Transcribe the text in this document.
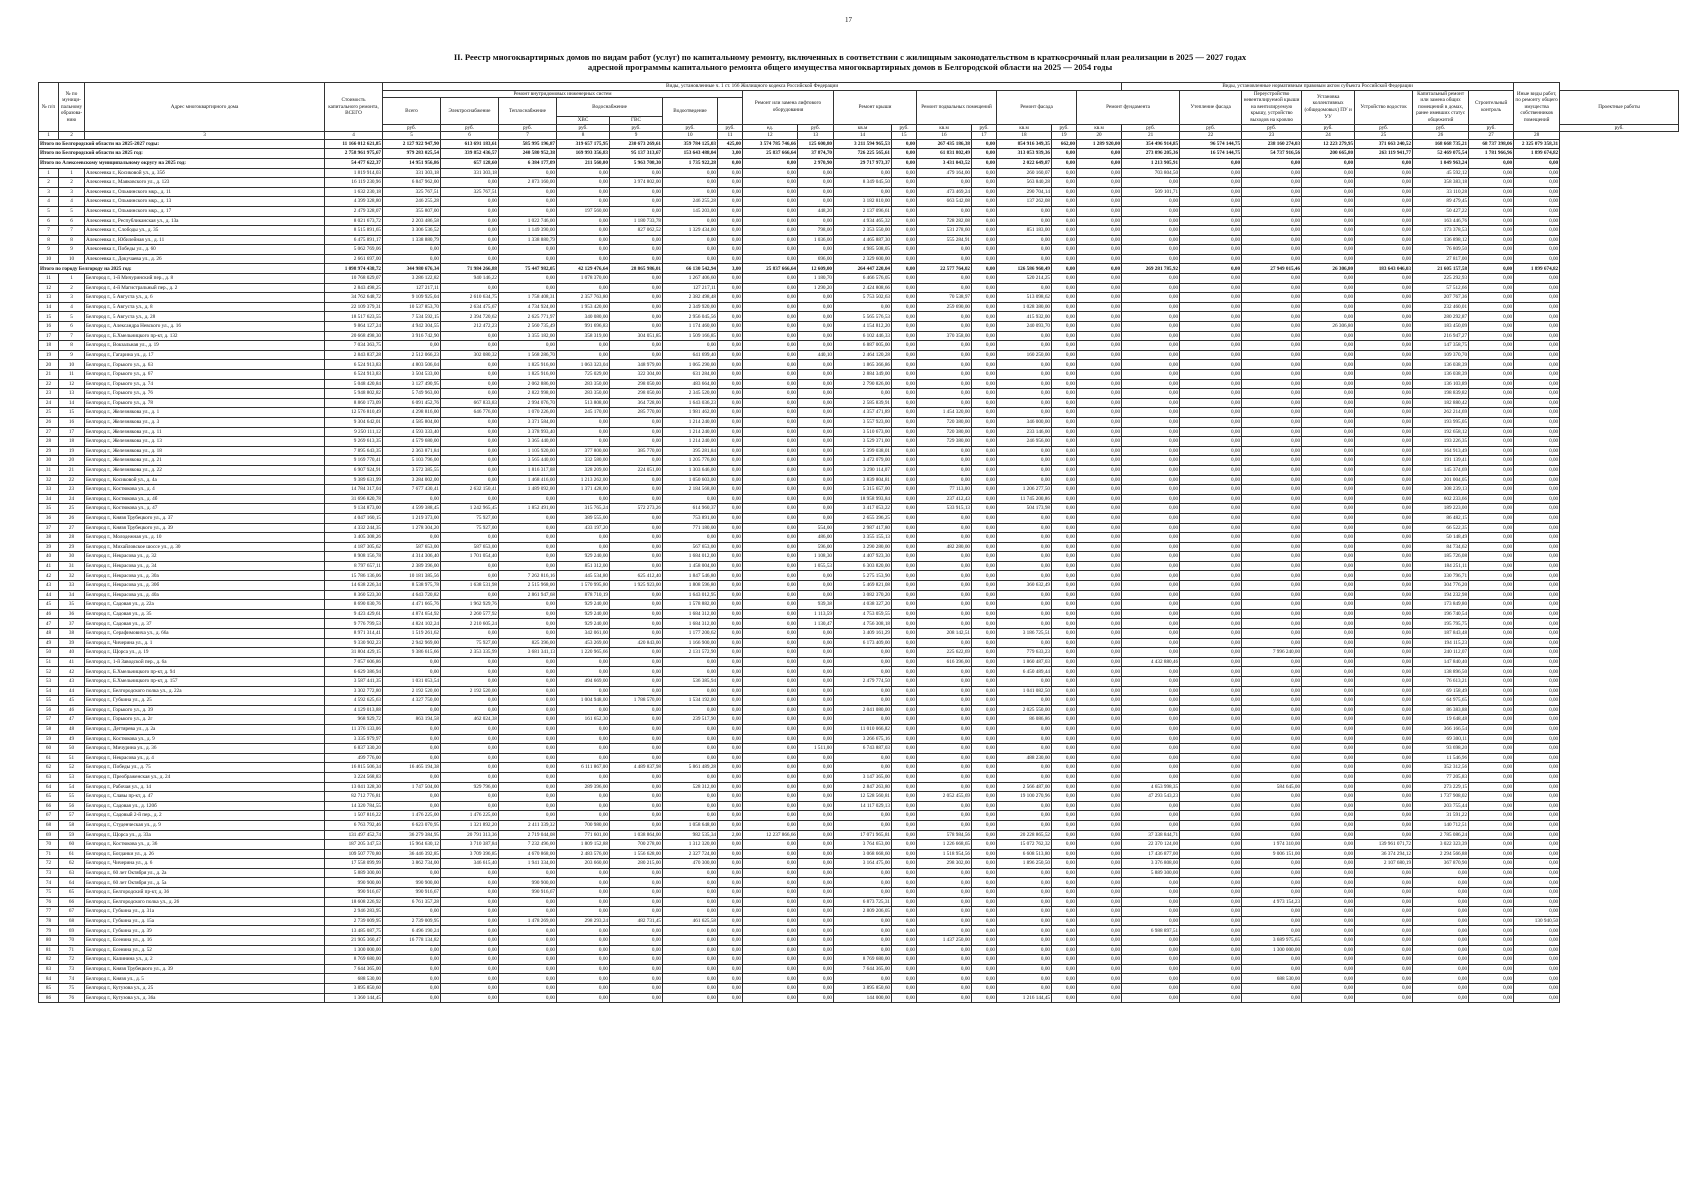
17
II. Реестр многоквартирных домов по видам работ (услуг) по капитальному ремонту, включенных в соответствии с жилищным законодательством в краткосрочный план реализации в 2025 — 2027 годах
адресной программы капитального ремонта общего имущества многоквартирных домов в Белгородской области на 2025 — 2054 годы
№ п/п	№ по муниципальному образованию	Адрес многоквартирного дома	Стоимость капитального ремонта, ВСЕГО	Виды, установленные ч. 1 ст. 166 Жилищного кодекса Российской Федерации																Виды, установленные нормативным правовым актом субъекта Российской Федерации							Иные виды работ, по ремонту общего имущества собственников помещений	
				Ремонт внутридомовых инженерных систем							Ремонт или замена лифтового оборудования		Ремонт крыши		Ремонт подвальных помещений		Ремонт фасада		Ремонт фундамента		Утепление фасада	Переустройство невентилируемой крыши на вентилируемую крышу, устройство выходов на кровлю	Установка коллективных (общедомовых) ПУ и УУ	Устройство водосток	Капитальный ремонт или замена общих помещений в домах, ранее имевших статус общежитий	Строительный контроль		Проектные работы
				Всего	Электроснабжение	Теплоснабжение	Водоснабжение		Водоотведение																			
							ХВС	ГВС																				
				руб.	руб.	руб.	руб.	руб.	руб.	руб.	ед.	руб.	кв.м	руб.	кв.м	руб.	кв.м	руб.	кв.м	руб.	руб.	руб.	руб.	руб.	руб.	руб.		руб.
1	2	3	4	5	6	7	8	9	10	11	12	13	14	15	16	17	18	19	20	21	22	23	24	25	26	27	28	
Итого по Белгородской области на 2025-2027 годы:			11 166 012 621,85	2 127 922 947,90	613 691 183,61	585 995 196,87	319 657 175,95	230 673 269,61	359 784 125,03	425,00	3 574 785 746,66	125 600,80	3 211 594 965,53	0,00	267 435 186,38	0,00	854 916 349,35	662,00	1 289 920,00	354 496 914,85	96 574 144,75	238 160 274,03	12 223 279,95	371 663 240,52	168 668 735,21	68 737 398,06	2 325 079 358,31	
Итого по Белгородской области на 2025 год:			2 758 961 975,67	979 283 025,54	339 852 436,57	240 580 952,38	169 993 356,83	95 137 313,67	153 643 488,04	3,00	25 837 666,64	37 874,70	726 225 565,61	0,00	61 831 802,49	0,00	313 053 939,36	0,00	0,00	273 096 205,36	16 574 144,75	54 737 916,56	200 665,80	263 119 941,77	52 469 075,54	1 781 966,96	1 899 674,82	
Итого по Алексеевскому муниципальному округу на 2025 год:			54 477 622,37	14 951 956,86	657 128,60	6 384 177,09	211 560,00	5 963 708,30	1 735 922,28	0,00	0,00	2 970,90	29 717 973,37	0,00	3 431 043,52	0,00	2 022 649,87	0,00	0,00	1 213 905,91	0,00	0,00	0,00	0,00	1 049 963,24	0,00	0,00	
1	1	Алексеевка г., Косиковой ул., д. 35б	1 819 914,03	331 303,18	331 303,18	0,00	0,00	0,00	0,00	0,00	0,00	0,00	0,00	0,00	479 164,00	0,00	260 160,07	0,00	0,00	703 804,50	0,00	0,00	0,00	0,00	45 592,12	0,00	0,00	
2	2	Алексеевка г., Маяковского ул., д. 123	16 119 230,96	6 847 962,00	0,00	2 873 160,00	0,00	3 974 802,00	0,00	0,00	0,00	0,00	8 349 045,50	0,00	0,00	0,00	563 840,28	0,00	0,00	0,00	0,00	0,00	0,00	0,00	358 383,18	0,00	0,00	
3	3	Алексеевка г., Ольминского мкр., д. 11	1 632 230,18	325 767,51	325 767,51	0,00	0,00	0,00	0,00	0,00	0,00	0,00	0,00	0,00	473 469,24	0,00	290 704,14	0,00	0,00	509 101,71	0,00	0,00	0,00	0,00	33 110,28	0,00	0,00	
4	4	Алексеевка г., Ольминского мкр., д. 13	4 399 328,80	246 255,28	0,00	0,00	0,00	0,00	246 255,28	0,00	0,00	0,00	3 182 810,00	0,00	663 542,08	0,00	137 262,08	0,00	0,00	0,00	0,00	0,00	0,00	0,00	89 479,45	0,00	0,00	
5	5	Алексеевка г., Ольминского мкр., д. 17	2 479 328,07	355 807,00	0,00	0,00	197 560,00	0,00	145 203,00	0,00	0,00	448,20	2 137 096,61	0,00	0,00	0,00	0,00	0,00	0,00	0,00	0,00	0,00	0,00	0,00	50 427,22	0,00	0,00	
6	6	Алексеевка г., Республиканская ул., д. 13а	8 021 673,72	2 203 486,58	0,00	1 022 746,00	0,00	1 180 733,78	0,00	0,00	0,00	0,00	4 934 465,32	0,00	728 282,08	0,00	0,00	0,00	0,00	0,00	0,00	0,00	0,00	0,00	163 446,76	0,00	0,00	
7	7	Алексеевка г., Слободы ул., д. 35	8 515 891,65	3 306 536,52	0,00	1 149 390,00	0,00	827 062,52	1 329 434,00	0,00	0,00	798,00	2 353 550,00	0,00	531 278,60	0,00	851 183,00	0,00	0,00	0,00	0,00	0,00	0,00	0,00	173 378,53	0,00	0,00	
8	8	Алексеевка г., Юбилейная ул., д. 11	6 475 891,17	1 338 880,79	0,00	1 338 880,79	0,00	0,00	0,00	0,00	0,00	1 036,00	4 465 887,30	0,00	555 284,91	0,00	0,00	0,00	0,00	0,00	0,00	0,00	0,00	0,00	136 898,12	0,00	0,00	
9	9	Алексеевка г., Победы ул., д. 60	5 062 769,06	0,00	0,00	0,00	0,00	0,00	0,00	0,00	0,00	0,00	4 985 508,05	0,00	0,00	0,00	0,00	0,00	0,00	0,00	0,00	0,00	0,00	0,00	76 809,50	0,00	0,00	
10	10	Алексеевка г., Докучаева ул., д. 26	2 661 697,00	0,00	0,00	0,00	0,00	0,00	0,00	0,00	0,00	696,00	2 329 600,00	0,00	0,00	0,00	0,00	0,00	0,00	0,00	0,00	0,00	0,00	0,00	27 817,00	0,00	0,00	
Итого по городу Белгороду на 2025 год:			1 098 974 438,72	344 980 676,34	71 984 266,88	75 447 982,05	42 129 476,64	28 865 986,01	66 130 542,94	3,00	25 837 666,64	12 609,00	264 447 220,04	0,00	22 577 764,02	0,00	126 586 960,49	0,00	0,00	269 281 785,92	0,00	27 949 015,46	26 306,80	183 643 046,03	21 605 157,58	0,00	1 899 674,82	
11	1	Белгород г., 1-й Мичуринский пер., д. 8	10 768 029,07	3 286 122,82	940 146,22	0,00	1 078 370,00	0,00	1 267 406,60	0,00	0,00	1 180,70	6 466 576,05	0,00	0,00	0,00	520 214,25	0,00	0,00	0,00	0,00	0,00	0,00	0,00	225 292,93	0,00	0,00	
12	2	Белгород г., 4-й Магистральный пер., д. 2	2 843 498,25	127 217,11	0,00	0,00	0,00	0,00	127 217,11	0,00	0,00	1 290,20	2 424 808,66	0,00	0,00	0,00	0,00	0,00	0,00	0,00	0,00	0,00	0,00	0,00	57 512,66	0,00	0,00	
13	3	Белгород г., 5 Августа ул., д. 6	34 762 648,72	9 109 925,04	2 610 634,75	1 758 408,31	2 357 763,80	0,00	2 382 498,48	0,00	0,00	0,00	5 753 502,63	0,00	70 538,97	0,00	513 098,62	0,00	0,00	0,00	0,00	0,00	0,00	0,00	207 767,36	0,00	0,00	
14	4	Белгород г., 5 Августа ул., д. 8	22 109 379,31	10 537 853,70	2 634 475,67	4 734 924,00	1 953 420,00	0,00	2 349 920,00	0,00	0,00	0,00	0,00	0,00	259 690,00	0,00	1 028 380,00	0,00	0,00	0,00	0,00	0,00	0,00	0,00	232 460,01	0,00	0,00	
15	5	Белгород г., 5 Августа ул., д. 28	18 517 623,55	7 534 592,15	2 394 720,62	2 625 771,97	340 080,00	0,00	2 956 045,56	0,00	0,00	0,00	5 565 576,53	0,00	0,00	0,00	415 932,00	0,00	0,00	0,00	0,00	0,00	0,00	0,00	280 292,87	0,00	0,00	
16	6	Белгород г., Александра Невского ул., д. 16	9 864 127,24	4 942 304,55	212 472,23	2 560 735,49	991 696,83	0,00	1 174 460,00	0,00	0,00	0,00	4 154 812,20	0,00	0,00	0,00	240 093,70	0,00	0,00	0,00	0,00	0,00	26 306,80	0,00	183 450,09	0,00	0,00	
17	7	Белгород г., Б.Хмельницкого пр-кт, д. 132	20 668 498,30	3 916 742,90	0,00	3 355 182,00	358 319,00	304 051,85	1 509 166,85	0,00	0,00	0,00	6 102 446,33	0,00	370 358,00	0,00	0,00	0,00	0,00	0,00	0,00	0,00	0,00	0,00	216 947,27	0,00	0,00	
18	8	Белгород г., Вокзальная ул., д. 19	7 034 363,75	0,00	0,00	0,00	0,00	0,00	0,00	0,00	0,00	0,00	6 887 005,00	0,00	0,00	0,00	0,00	0,00	0,00	0,00	0,00	0,00	0,00	0,00	147 358,75	0,00	0,00	
19	9	Белгород г., Гагарина ул., д. 17	2 843 837,28	2 512 066,23	302 080,32	1 568 286,70	0,00	0,00	641 699,40	0,00	0,00	440,10	2 464 120,28	0,00	0,00	0,00	160 250,00	0,00	0,00	0,00	0,00	0,00	0,00	0,00	109 370,70	0,00	0,00	
20	10	Белгород г., Горького ул., д. 63	6 524 913,83	4 803 506,04	0,00	1 825 916,00	1 063 323,04	348 979,00	1 065 290,00	0,00	0,00	0,00	1 865 366,86	0,00	0,00	0,00	0,00	0,00	0,00	0,00	0,00	0,00	0,00	0,00	136 038,39	0,00	0,00	
21	11	Белгород г., Горького ул., д. 67	6 524 913,83	3 504 533,00	0,00	1 825 916,00	725 029,00	322 304,00	631 284,00	0,00	0,00	0,00	2 884 349,00	0,00	0,00	0,00	0,00	0,00	0,00	0,00	0,00	0,00	0,00	0,00	136 038,39	0,00	0,00	
22	12	Белгород г., Горького ул., д. 74	5 048 420,84	3 127 490,95	0,00	2 062 886,00	283 350,00	298 050,00	483 664,00	0,00	0,00	0,00	2 790 826,00	0,00	0,00	0,00	0,00	0,00	0,00	0,00	0,00	0,00	0,00	0,00	136 103,89	0,00	0,00	
23	13	Белгород г., Горького ул., д. 76	5 948 802,82	5 749 963,00	0,00	2 822 998,00	283 350,00	298 050,00	2 345 520,00	0,00	0,00	0,00	0,00	0,00	0,00	0,00	0,00	0,00	0,00	0,00	0,00	0,00	0,00	0,00	198 839,82	0,00	0,00	
24	14	Белгород г., Горького ул., д. 78	8 860 173,09	6 091 452,76	667 833,83	2 994 076,70	513 808,00	364 728,00	1 643 036,23	0,00	0,00	0,00	2 585 839,91	0,00	0,00	0,00	0,00	0,00	0,00	0,00	0,00	0,00	0,00	0,00	182 880,42	0,00	0,00	
25	15	Белгород г., Железнякова ул., д. 1	12 576 810,49	4 298 816,00	646 776,00	1 070 226,00	245 170,00	285 770,00	1 981 462,00	0,00	0,00	0,00	4 357 471,89	0,00	1 454 320,00	0,00	0,00	0,00	0,00	0,00	0,00	0,00	0,00	0,00	262 214,69	0,00	0,00	
26	16	Белгород г., Железнякова ул., д. 3	9 304 642,01	4 585 804,00	0,00	3 371 584,00	0,00	0,00	1 214 240,00	0,00	0,00	0,00	3 557 923,00	0,00	720 380,00	0,00	346 000,00	0,00	0,00	0,00	0,00	0,00	0,00	0,00	193 995,05	0,00	0,00	
27	17	Белгород г., Железнякова ул., д. 11	9 250 111,12	4 593 333,40	0,00	3 378 993,40	0,00	0,00	1 214 240,00	0,00	0,00	0,00	3 510 673,00	0,00	720 380,00	0,00	233 146,00	0,00	0,00	0,00	0,00	0,00	0,00	0,00	192 658,12	0,00	0,00	
28	18	Белгород г., Железнякова ул., д. 13	9 269 613,35	4 579 680,00	0,00	3 365 440,00	0,00	0,00	1 214 240,00	0,00	0,00	0,00	3 529 371,00	0,00	729 380,00	0,00	246 956,00	0,00	0,00	0,00	0,00	0,00	0,00	0,00	193 226,35	0,00	0,00	
29	19	Белгород г., Железнякова ул., д. 18	7 895 643,35	2 363 871,84	0,00	1 105 920,00	377 800,00	385 770,00	395 281,84	0,00	0,00	0,00	5 399 038,01	0,00	0,00	0,00	0,00	0,00	0,00	0,00	0,00	0,00	0,00	0,00	164 913,49	0,00	0,00	
30	20	Белгород г., Железнякова ул., д. 21	9 169 770,41	5 103 796,00	0,00	3 565 440,00	332 580,00	0,00	1 205 776,00	0,00	0,00	0,00	3 472 079,00	0,00	0,00	0,00	0,00	0,00	0,00	0,00	0,00	0,00	0,00	0,00	191 139,41	0,00	0,00	
31	21	Белгород г., Железнякова ул., д. 22	6 907 924,91	3 572 385,55	0,00	1 816 317,88	328 209,00	224 051,00	1 303 646,00	0,00	0,00	0,00	3 290 114,07	0,00	0,00	0,00	0,00	0,00	0,00	0,00	0,00	0,00	0,00	0,00	145 374,69	0,00	0,00	
32	22	Белгород г., Косиковой ул., д. 4а	9 389 631,99	3 284 002,00	0,00	1 468 416,00	1 213 262,00	0,00	1 050 603,00	0,00	0,00	0,00	3 839 804,81	0,00	0,00	0,00	0,00	0,00	0,00	0,00	0,00	0,00	0,00	0,00	201 004,05	0,00	0,00	
33	23	Белгород г., Костюкова ул., д. 4	14 784 317,04	7 677 430,41	2 632 150,41	1 489 092,00	1 371 428,00	0,00	2 184 568,00	0,00	0,00	0,00	5 315 657,00	0,00	77 113,00	0,00	1 206 277,50	0,00	0,00	0,00	0,00	0,00	0,00	0,00	308 239,13	0,00	0,00	
34	24	Белгород г., Костюкова ул., д. 4б	31 696 820,78	0,00	0,00	0,00	0,00	0,00	0,00	0,00	0,00	0,00	18 958 993,84	0,00	237 412,43	0,00	11 745 200,86	0,00	0,00	0,00	0,00	0,00	0,00	0,00	602 233,66	0,00	0,00	
35	25	Белгород г., Костюкова ул., д. 47	9 134 873,00	4 599 388,45	1 242 965,45	1 852 491,00	315 765,24	572 273,26	614 960,37	0,00	0,00	0,00	3 417 053,22	0,00	533 915,13	0,00	504 173,98	0,00	0,00	0,00	0,00	0,00	0,00	0,00	189 223,00	0,00	0,00	
36	26	Белгород г., Князя Трубецкого ул., д. 37	4 047 160,15	1 219 373,00	75 927,00	0,00	389 555,00	0,00	753 891,00	0,00	0,00	0,00	2 655 396,25	0,00	0,00	0,00	0,00	0,00	0,00	0,00	0,00	0,00	0,00	0,00	86 482,15	0,00	0,00	
37	27	Белгород г., Князя Трубецкого ул., д. 39	4 332 244,35	1 278 304,20	75 927,00	0,00	433 197,20	0,00	771 180,00	0,00	0,00	554,00	2 987 417,80	0,00	0,00	0,00	0,00	0,00	0,00	0,00	0,00	0,00	0,00	0,00	66 522,35	0,00	0,00	
38	28	Белгород г., Молодежная ул., д. 10	3 405 308,26	0,00	0,00	0,00	0,00	0,00	0,00	0,00	0,00	486,00	3 355 155,13	0,00	0,00	0,00	0,00	0,00	0,00	0,00	0,00	0,00	0,00	0,00	50 148,49	0,00	0,00	
39	29	Белгород г., Михайловское шоссе ул., д. 30	4 187 305,62	587 653,00	587 653,00	0,00	0,00	0,00	567 653,00	0,00	0,00	596,00	3 290 280,00	0,00	482 280,00	0,00	0,00	0,00	0,00	0,00	0,00	0,00	0,00	0,00	84 734,62	0,00	0,00	
40	30	Белгород г., Некрасова ул., д. 32	8 908 156,78	4 314 306,40	1 701 054,40	0,00	929 240,00	0,00	1 684 012,00	0,00	0,00	1 108,30	4 407 923,30	0,00	0,00	0,00	0,00	0,00	0,00	0,00	0,00	0,00	0,00	0,00	185 726,08	0,00	0,00	
41	31	Белгород г., Некрасова ул., д. 34	8 797 657,11	2 389 396,00	0,00	0,00	851 312,00	0,00	1 458 004,00	0,00	0,00	1 055,53	6 303 820,00	0,00	0,00	0,00	0,00	0,00	0,00	0,00	0,00	0,00	0,00	0,00	184 251,11	0,00	0,00	
42	32	Белгород г., Некрасова ул., д. 30а	15 786 136,06	10 181 385,56	0,00	7 262 816,16	445 534,80	625 412,40	1 847 546,80	0,00	0,00	0,00	5 275 153,90	0,00	0,00	0,00	0,00	0,00	0,00	0,00	0,00	0,00	0,00	0,00	330 796,71	0,00	0,00	
43	33	Белгород г., Некрасова ул., д. 30б	14 638 226,34	8 538 975,78	1 638 531,98	2 515 968,00	1 570 995,80	1 925 923,00	1 808 596,80	0,00	0,00	0,00	5 469 821,08	0,00	0,00	0,00	360 632,49	0,00	0,00	0,00	0,00	0,00	0,00	0,00	304 776,20	0,00	0,00	
44	34	Белгород г., Некрасова ул., д. 40а	8 360 523,30	4 643 720,82	0,00	2 861 947,68	878 710,19	0,00	1 643 012,95	0,00	0,00	0,00	3 082 370,20	0,00	0,00	0,00	0,00	0,00	0,00	0,00	0,00	0,00	0,00	0,00	194 232,98	0,00	0,00	
45	35	Белгород г., Садовая ул., д. 22а	8 690 030,76	4 471 665,76	1 962 929,76	0,00	929 240,00	0,00	1 578 882,00	0,00	0,00	939,38	4 038 327,20	0,00	0,00	0,00	0,00	0,00	0,00	0,00	0,00	0,00	0,00	0,00	173 849,80	0,00	0,00	
46	36	Белгород г., Садовая ул., д. 35	9 423 429,61	4 874 654,92	2 260 577,92	0,00	929 240,00	0,00	1 684 312,00	0,00	0,00	1 113,59	4 753 059,55	0,00	0,00	0,00	0,00	0,00	0,00	0,00	0,00	0,00	0,00	0,00	196 740,54	0,00	0,00	
47	37	Белгород г., Садовая ул., д. 37	9 776 799,53	4 824 102,24	2 210 605,24	0,00	929 240,00	0,00	1 684 312,00	0,00	0,00	1 130,47	4 756 308,18	0,00	0,00	0,00	0,00	0,00	0,00	0,00	0,00	0,00	0,00	0,00	195 795,75	0,00	0,00	
48	38	Белгород г., Серафимовича ул., д. 66а	8 971 314,41	1 519 261,62	0,00	0,00	342 061,00	0,00	1 177 200,62	0,00	0,00	0,00	3 409 161,29	0,00	208 142,51	0,00	3 186 725,51	0,00	0,00	0,00	0,00	0,00	0,00	0,00	187 843,48	0,00	0,00	
49	39	Белгород г., Чичерина ул., д. 1	9 330 902,23	2 942 969,00	75 927,00	825 396,00	453 269,00	420 843,00	1 166 900,00	0,00	0,00	0,00	6 173 409,00	0,00	0,00	0,00	0,00	0,00	0,00	0,00	0,00	0,00	0,00	0,00	194 115,23	0,00	0,00	
50	40	Белгород г., Щорса ул., д. 19	31 804 429,15	9 386 615,66	2 353 335,99	3 681 341,13	1 220 965,66	0,00	2 131 572,90	0,00	0,00	0,00	0,00	0,00	225 622,69	0,00	779 633,23	0,00	0,00	0,00	0,00	7 996 240,00	0,00	0,00	240 112,07	0,00	0,00	
51	41	Белгород г., 1-й Заводской пер., д. 6а	7 057 606,86	0,00	0,00	0,00	0,00	0,00	0,00	0,00	0,00	0,00	0,00	0,00	616 396,00	0,00	1 860 487,03	0,00	0,00	4 432 880,46	0,00	0,00	0,00	0,00	147 840,40	0,00	0,00	
52	42	Белгород г., Б.Хмельницкого пр-кт, д. 94	6 629 386,94	0,00	0,00	0,00	0,00	0,00	0,00	0,00	0,00	0,00	0,00	0,00	0,00	0,00	6 450 489,44	0,00	0,00	0,00	0,00	0,00	0,00	0,00	138 896,50	0,00	0,00	
53	43	Белгород г., Б.Хмельницкого пр-кт, д. 157	3 587 441,35	1 031 053,54	0,00	0,00	494 669,00	0,00	536 385,94	0,00	0,00	0,00	2 479 774,50	0,00	0,00	0,00	0,00	0,00	0,00	0,00	0,00	0,00	0,00	0,00	76 613,21	0,00	0,00	
54	44	Белгород г., Белгородского полка ул., д. 22а	3 302 772,80	2 192 520,00	2 192 520,00	0,00	0,00	0,00	0,00	0,00	0,00	0,00	0,00	0,00	0,00	0,00	1 041 082,50	0,00	0,00	0,00	0,00	0,00	0,00	0,00	69 158,49	0,00	0,00	
55	45	Белгород г., Губкина ул., д. 25	4 592 625,63	4 327 750,00	0,00	0,00	1 004 948,00	1 788 570,00	1 534 192,00	0,00	0,00	0,00	0,00	0,00	0,00	0,00	0,00	0,00	0,00	0,00	0,00	0,00	0,00	0,00	64 975,65	0,00	0,00	
56	46	Белгород г., Горького ул., д. 39	4 129 013,88	0,00	0,00	0,00	0,00	0,00	0,00	0,00	0,00	0,00	2 041 080,00	0,00	0,00	0,00	2 025 550,00	0,00	0,00	0,00	0,00	0,00	0,00	0,00	86 383,88	0,00	0,00	
57	47	Белгород г., Горького ул., д. 2г	968 929,72	863 194,58	462 024,38	0,00	161 652,30	0,00	239 517,90	0,00	0,00	0,00	0,00	0,00	0,00	0,00	86 086,86	0,00	0,00	0,00	0,00	0,00	0,00	0,00	19 648,48	0,00	0,00	
58	48	Белгород г., Дегтярева ул., д. 2а	11 376 133,06	0,00	0,00	0,00	0,00	0,00	0,00	0,00	0,00	0,00	11 010 066,82	0,00	0,00	0,00	0,00	0,00	0,00	0,00	0,00	0,00	0,00	0,00	366 166,54	0,00	0,00	
59	49	Белгород г., Костюкова ул., д. 9	3 335 979,97	0,00	0,00	0,00	0,00	0,00	0,00	0,00	0,00	0,00	3 266 675,16	0,00	0,00	0,00	0,00	0,00	0,00	0,00	0,00	0,00	0,00	0,00	69 300,11	0,00	0,00	
60	50	Белгород г., Мичурина ул., д. 36	6 837 330,20	0,00	0,00	0,00	0,00	0,00	0,00	0,00	0,00	1 511,00	6 743 887,03	0,00	0,00	0,00	0,00	0,00	0,00	0,00	0,00	0,00	0,00	0,00	93 698,20	0,00	0,00	
61	51	Белгород г., Некрасова ул., д. 4	499 776,00	0,00	0,00	0,00	0,00	0,00	0,00	0,00	0,00	0,00	0,00	0,00	0,00	0,00	488 230,00	0,00	0,00	0,00	0,00	0,00	0,00	0,00	11 546,96	0,00	0,00	
62	52	Белгород г., Победы ул., д. 75	16 815 506,34	16 465 194,38	0,00	0,00	6 111 867,00	4 489 837,98	5 861 489,28	0,00	0,00	0,00	0,00	0,00	0,00	0,00	0,00	0,00	0,00	0,00	0,00	0,00	0,00	0,00	352 312,56	0,00	0,00	
63	53	Белгород г., Преображенская ул., д. 24	3 224 568,83	0,00	0,00	0,00	0,00	0,00	0,00	0,00	0,00	0,00	3 147 365,00	0,00	0,00	0,00	0,00	0,00	0,00	0,00	0,00	0,00	0,00	0,00	77 205,83	0,00	0,00	
64	54	Белгород г., Рабочая ул., д. 14	13 041 328,30	1 747 504,00	929 796,00	0,00	289 396,00	0,00	528 312,00	0,00	0,00	0,00	2 847 263,80	0,00	0,00	0,00	2 566 487,00	0,00	0,00	4 653 998,35	0,00	584 645,00	0,00	0,00	273 229,15	0,00	0,00	
65	55	Белгород г., Славы пр-кт, д. 47	82 712 776,81	0,00	0,00	0,00	0,00	0,00	0,00	0,00	0,00	0,00	12 528 560,81	0,00	2 052 455,69	0,00	19 100 270,96	0,00	0,00	47 293 543,23	0,00	0,00	0,00	0,00	1 737 908,02	0,00	0,00	
66	56	Белгород г., Садовая ул., д. 120б	14 320 784,55	0,00	0,00	0,00	0,00	0,00	0,00	0,00	0,00	0,00	14 117 029,13	0,00	0,00	0,00	0,00	0,00	0,00	0,00	0,00	0,00	0,00	0,00	203 755,44	0,00	0,00	
67	57	Белгород г., Садовый 2-й пер., д. 2	1 507 816,22	1 476 225,00	1 476 225,00	0,00	0,00	0,00	0,00	0,00	0,00	0,00	0,00	0,00	0,00	0,00	0,00	0,00	0,00	0,00	0,00	0,00	0,00	0,00	31 591,22	0,00	0,00	
68	58	Белгород г., Студенческая ул., д. 9	6 763 792,46	6 623 070,95	1 321 892,20	2 411 339,32	700 980,00	0,00	1 058 648,00	0,00	0,00	0,00	0,00	0,00	0,00	0,00	0,00	0,00	0,00	0,00	0,00	0,00	0,00	0,00	140 712,51	0,00	0,00	
69	59	Белгород г., Щорса ул., д. 33а	131 497 452,74	36 279 384,95	20 791 313,36	2 719 044,08	771 601,00	1 038 864,00	982 535,34	2,00	12 237 866,66	0,00	17 071 965,81	0,00	578 984,56	0,00	20 228 865,52	0,00	0,00	37 338 844,71	0,00	0,00	0,00	0,00	2 785 086,24	0,00	0,00	
70	60	Белгород г., Костюкова ул., д. 36	187 205 347,53	15 964 630,12	3 710 387,84	7 232 496,00	1 809 152,88	700 278,00	1 312 320,00	0,00	0,00	0,00	3 764 653,00	0,00	1 226 668,65	0,00	15 072 762,32	0,00	0,00	22 370 124,00	0,00	1 974 310,00	0,00	139 961 071,72	3 022 323,39	0,00	0,00	
71	61	Белгород г., Богданки ул., д. 26	109 507 770,80	36 446 392,85	3 709 396,85	4 670 868,00	2 483 576,00	1 556 628,00	2 327 724,00	0,00	0,00	0,00	3 068 668,60	0,00	1 518 954,56	0,00	6 608 513,80	0,00	0,00	17 436 877,00	0,00	9 006 151,00	0,00	36 374 294,12	2 294 566,88	0,00	0,00	
72	62	Белгород г., Чичерина ул., д. 6	17 558 099,99	3 862 734,00	346 615,40	1 941 334,00	203 660,00	280 215,00	470 300,00	0,00	0,00	0,00	3 164 475,00	0,00	298 302,00	0,00	1 896 250,50	0,00	0,00	3 376 808,00	0,00	0,00	0,00	2 107 680,19	367 870,90	0,00	0,00	
73	63	Белгород г., 60 лет Октября ул., д. 2а	5 889 300,00	0,00	0,00	0,00	0,00	0,00	0,00	0,00	0,00	0,00	0,00	0,00	0,00	0,00	0,00	0,00	0,00	5 889 300,00	0,00	0,00	0,00	0,00	0,00	0,00	0,00	
74	64	Белгород г., 60 лет Октября ул., д. 5а	990 900,00	990 900,00	0,00	990 900,00	0,00	0,00	0,00	0,00	0,00	0,00	0,00	0,00	0,00	0,00	0,00	0,00	0,00	0,00	0,00	0,00	0,00	0,00	0,00	0,00	0,00	
75	65	Белгород г., Белгородский пр-кт, д. 36	990 916,67	990 916,67	0,00	990 916,67	0,00	0,00	0,00	0,00	0,00	0,00	0,00	0,00	0,00	0,00	0,00	0,00	0,00	0,00	0,00	0,00	0,00	0,00	0,00	0,00	0,00	
76	66	Белгород г., Белгородского полка ул., д. 26	18 608 226,92	6 761 357,28	0,00	0,00	0,00	0,00	0,00	0,00	0,00	0,00	6 873 725,31	0,00	0,00	0,00	0,00	0,00	0,00	0,00	0,00	4 973 154,23	0,00	0,00	0,00	0,00	0,00	
77	67	Белгород г., Губкина ул., д. 31а	2 946 283,95	0,00	0,00	0,00	0,00	0,00	0,00	0,00	0,00	0,00	2 809 206,05	0,00	0,00	0,00	0,00	0,00	0,00	0,00	0,00	0,00	0,00	0,00	0,00	0,00	0,00	
78	68	Белгород г., Губкина ул., д. 15а	2 739 009,95	2 739 009,95	0,00	1 478 269,00	298 293,24	482 731,45	461 625,58	0,00	0,00	0,00	0,00	0,00	0,00	0,00	0,00	0,00	0,00	0,00	0,00	0,00	0,00	0,00	0,00	0,00	130 940,50	
79	69	Белгород г., Губкина ул., д. 39	13 485 087,75	6 496 190,24	0,00	0,00	0,00	0,00	0,00	0,00	0,00	0,00	0,00	0,00	0,00	0,00	0,00	0,00	0,00	6 988 897,51	0,00	0,00	0,00	0,00	0,00	0,00	0,00	
80	70	Белгород г., Есенина ул., д. 16	21 905 360,47	16 778 134,82	0,00	0,00	0,00	0,00	0,00	0,00	0,00	0,00	0,00	0,00	1 437 250,00	0,00	0,00	0,00	0,00	0,00	0,00	3 689 975,65	0,00	0,00	0,00	0,00	0,00	
81	71	Белгород г., Есенина ул., д. 52	1 300 000,00	0,00	0,00	0,00	0,00	0,00	0,00	0,00	0,00	0,00	0,00	0,00	0,00	0,00	0,00	0,00	0,00	0,00	0,00	1 300 000,00	0,00	0,00	0,00	0,00	0,00	
82	72	Белгород г., Калинина ул., д. 2	8 769 680,00	0,00	0,00	0,00	0,00	0,00	0,00	0,00	0,00	0,00	8 769 680,00	0,00	0,00	0,00	0,00	0,00	0,00	0,00	0,00	0,00	0,00	0,00	0,00	0,00	0,00	
83	73	Белгород г., Князя Трубецкого ул., д. 39	7 644 365,00	0,00	0,00	0,00	0,00	0,00	0,00	0,00	0,00	0,00	7 644 365,00	0,00	0,00	0,00	0,00	0,00	0,00	0,00	0,00	0,00	0,00	0,00	0,00	0,00	0,00	
84	74	Белгород г., Князя ул., д. 5	688 530,00	0,00	0,00	0,00	0,00	0,00	0,00	0,00	0,00	0,00	0,00	0,00	0,00	0,00	0,00	0,00	0,00	0,00	0,00	688 530,00	0,00	0,00	0,00	0,00	0,00	
85	75	Белгород г., Кутузова ул., д. 25	3 895 850,60	0,00	0,00	0,00	0,00	0,00	0,00	0,00	0,00	0,00	3 895 850,60	0,00	0,00	0,00	0,00	0,00	0,00	0,00	0,00	0,00	0,00	0,00	0,00	0,00	0,00	
86	76	Белгород г., Кутузова ул., д. 36а	1 360 144,45	0,00	0,00	0,00	0,00	0,00	0,00	0,00	0,00	0,00	144 000,00	0,00	0,00	0,00	1 216 144,45	0,00	0,00	0,00	0,00	0,00	0,00	0,00	0,00	0,00	0,00	
